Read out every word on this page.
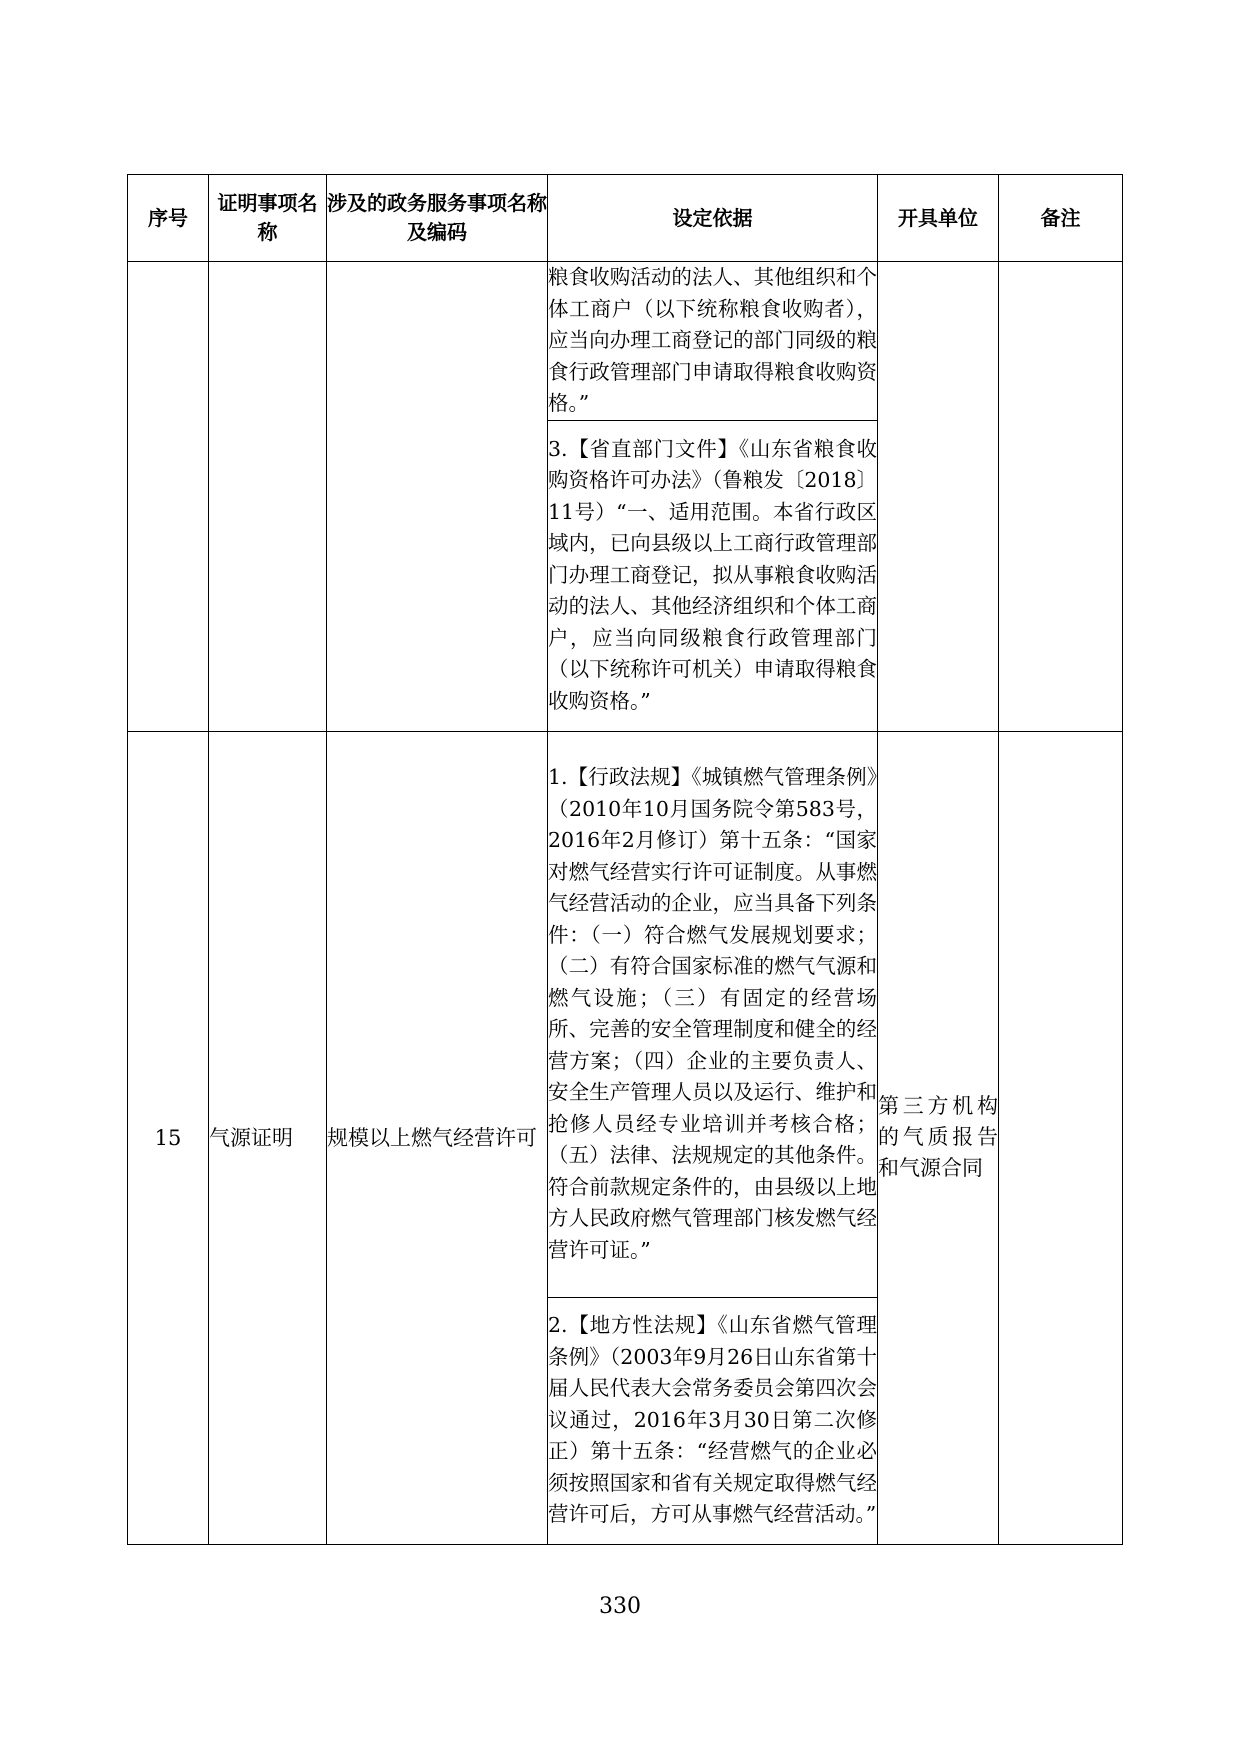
序号	证明事项名称	涉及的政务服务事项名称及编码	设定依据	开具单位	备注
			粮食收购活动的法人、其他组织和个体工商户（以下统称粮食收购者），应当向办理工商登记的部门同级的粮食行政管理部门申请取得粮食收购资格。”		
			3.【省直部门文件】《山东省粮食收购资格许可办法》（鲁粮发〔2018〕11号）“一、适用范围。本省行政区域内，已向县级以上工商行政管理部门办理工商登记，拟从事粮食收购活动的法人、其他经济组织和个体工商户，应当向同级粮食行政管理部门（以下统称许可机关）申请取得粮食收购资格。”		
15	气源证明	规模以上燃气经营许可	1.【行政法规】《城镇燃气管理条例》（2010年10月国务院令第583号，2016年2月修订）第十五条：“国家对燃气经营实行许可证制度。从事燃气经营活动的企业，应当具备下列条件：（一）符合燃气发展规划要求；（二）有符合国家标准的燃气气源和燃气设施；（三）有固定的经营场所、完善的安全管理制度和健全的经营方案；（四）企业的主要负责人、安全生产管理人员以及运行、维护和抢修人员经专业培训并考核合格；（五）法律、法规规定的其他条件。符合前款规定条件的，由县级以上地方人民政府燃气管理部门核发燃气经营许可证。”	第三方机构的气质报告和气源合同	
			2.【地方性法规】《山东省燃气管理条例》（2003年9月26日山东省第十届人民代表大会常务委员会第四次会议通过，2016年3月30日第二次修正）第十五条：“经营燃气的企业必须按照国家和省有关规定取得燃气经营许可后，方可从事燃气经营活动。”		
330
